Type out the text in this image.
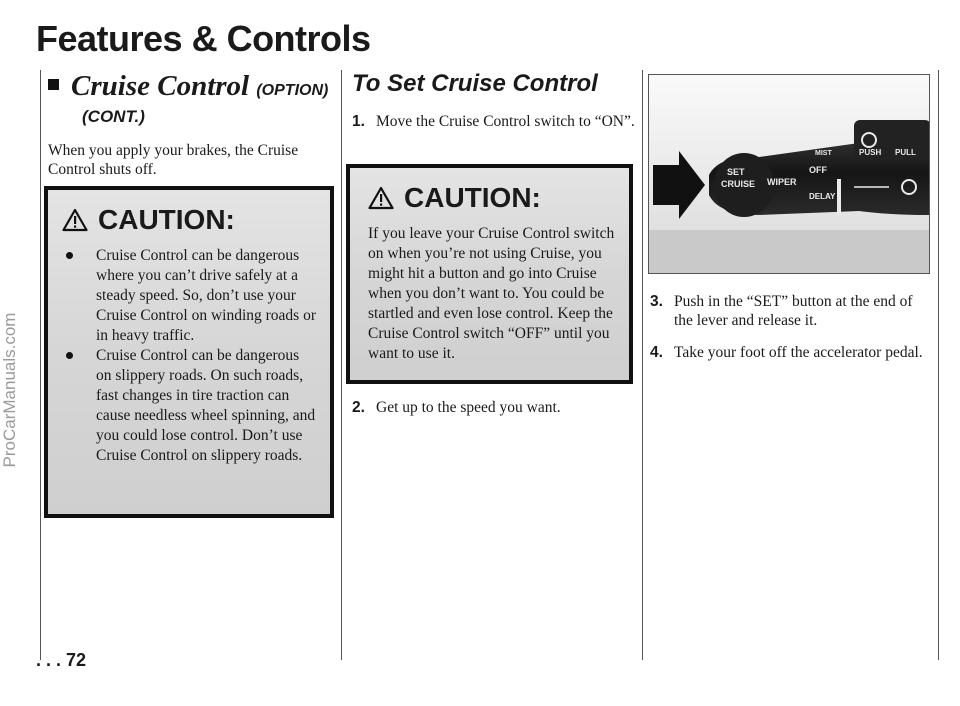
ProCarManuals.com
Features & Controls
Cruise Control (OPTION)
(CONT.)

When you apply your brakes, the Cruise Control shuts off.

CAUTION:
Cruise Control can be dangerous where you can’t drive safely at a steady speed. So, don’t use your Cruise Control on winding roads or in heavy traffic.
Cruise Control can be dangerous on slippery roads. On such roads, fast changes in tire traction can cause needless wheel spinning, and you could lose control. Don’t use Cruise Control on slippery roads.
To Set Cruise Control

1. Move the Cruise Control switch to “ON”.

CAUTION:

If you leave your Cruise Control switch on when you’re not using Cruise, you might hit a button and go into Cruise when you don’t want to. You could be startled and even lose control. Keep the Cruise Control switch “OFF” until you want to use it.

2. Get up to the speed you want.

SET
CRUISE WIPER
OFF
DELAY
MIST	PUSH PULL

3. Push in the “SET” button at the end of the lever and release it.

4. Take your foot off the accelerator pedal.

. . . 72
